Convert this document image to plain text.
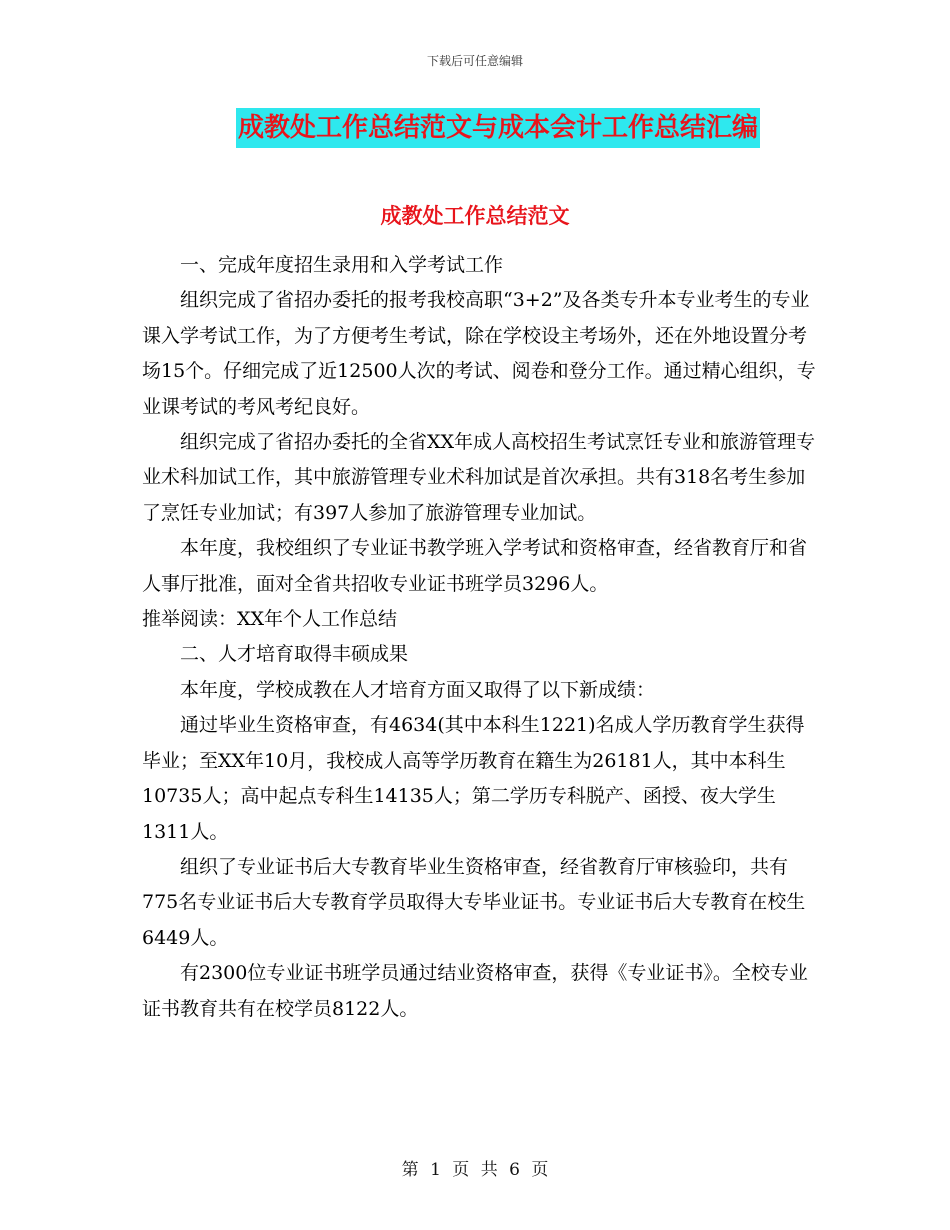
下载后可任意编辑
成教处工作总结范文与成本会计工作总结汇编
成教处工作总结范文

一、完成年度招生录用和入学考试工作

组织完成了省招办委托的报考我校高职“3+2”及各类专升本专业考生的专业课入学考试工作，为了方便考生考试，除在学校设主考场外，还在外地设置分考场15个。仔细完成了近12500人次的考试、阅卷和登分工作。通过精心组织，专业课考试的考风考纪良好。

组织完成了省招办委托的全省XX年成人高校招生考试烹饪专业和旅游管理专业术科加试工作，其中旅游管理专业术科加试是首次承担。共有318名考生参加了烹饪专业加试；有397人参加了旅游管理专业加试。

本年度，我校组织了专业证书教学班入学考试和资格审查，经省教育厅和省人事厅批准，面对全省共招收专业证书班学员3296人。

推举阅读：XX年个人工作总结

二、人才培育取得丰硕成果

本年度，学校成教在人才培育方面又取得了以下新成绩：

通过毕业生资格审查，有4634(其中本科生1221)名成人学历教育学生获得毕业；至XX年10月，我校成人高等学历教育在籍生为26181人，其中本科生10735人；高中起点专科生14135人；第二学历专科脱产、函授、夜大学生1311人。

组织了专业证书后大专教育毕业生资格审查，经省教育厅审核验印，共有775名专业证书后大专教育学员取得大专毕业证书。专业证书后大专教育在校生6449人。

有2300位专业证书班学员通过结业资格审查，获得《专业证书》。全校专业证书教育共有在校学员8122人。

第 1 页 共 6 页
